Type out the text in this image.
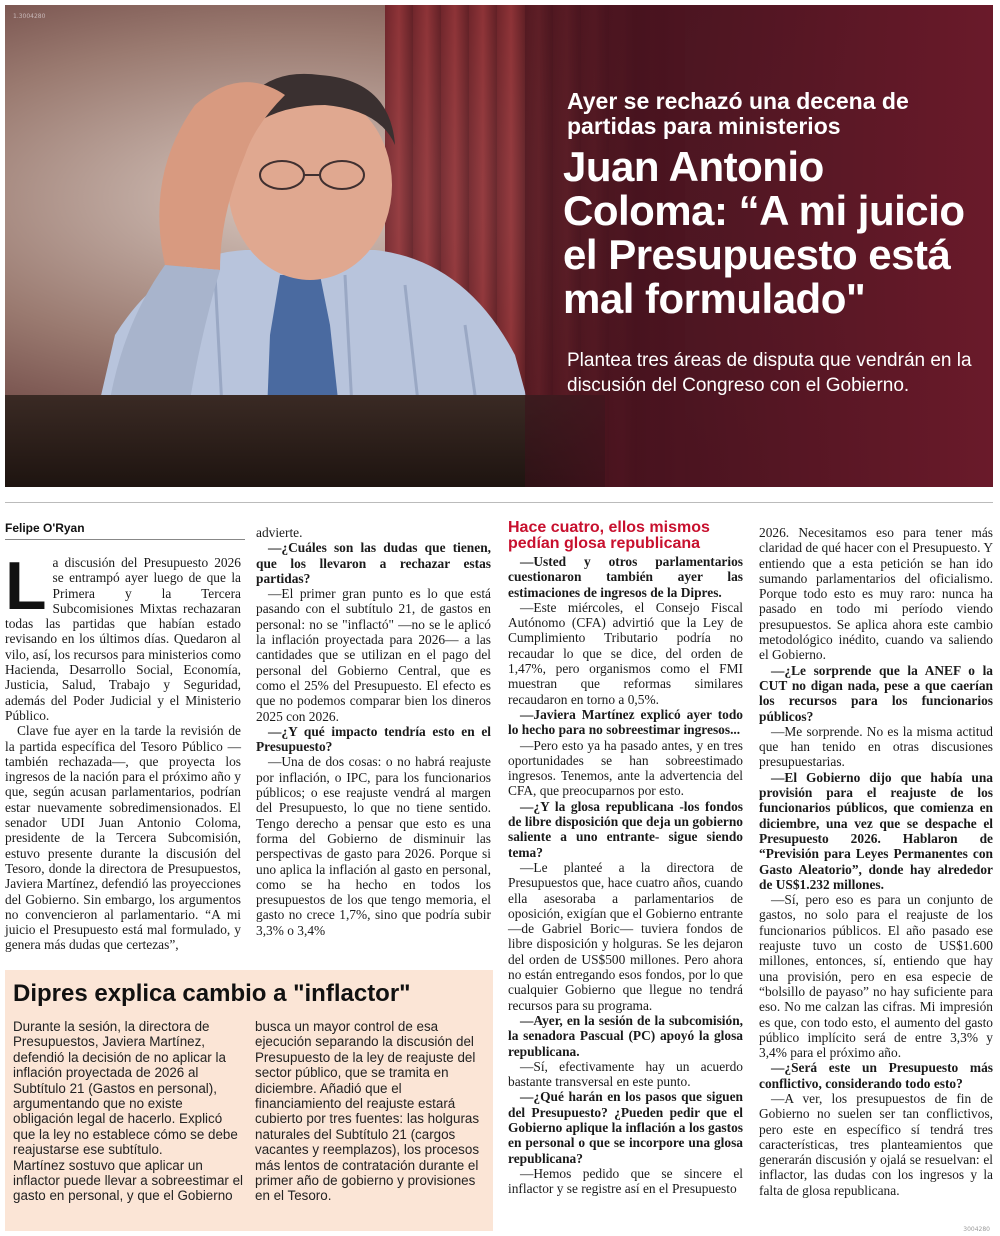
1.3004280
Ayer se rechazó una decena de partidas para ministerios
Juan Antonio Coloma: “A mi juicio el Presupuesto está mal formulado"

Plantea tres áreas de disputa que vendrán en la discusión del Congreso con el Gobierno.

Felipe O'Ryan
L a discusión del Presupuesto 2026 se entrampó ayer luego de que la Primera y la Tercera Subcomisiones Mixtas rechazaran todas las partidas que habían estado revisando en los últimos días. Quedaron al vilo, así, los recursos para ministerios como Hacienda, Desarrollo Social, Economía, Justicia, Salud, Trabajo y Seguridad, además del Poder Judicial y el Ministerio Público.

Clave fue ayer en la tarde la revisión de la partida específica del Tesoro Público —también rechazada—, que proyecta los ingresos de la nación para el próximo año y que, según acusan parlamentarios, podrían estar nuevamente sobredimensionados. El senador UDI Juan Antonio Coloma, presidente de la Tercera Subcomisión, estuvo presente durante la discusión del Tesoro, donde la directora de Presupuestos, Javiera Martínez, defendió las proyecciones del Gobierno. Sin embargo, los argumentos no convencieron al parlamentario. “A mi juicio el Presupuesto está mal formulado, y genera más dudas que certezas”,

advierte.

—¿Cuáles son las dudas que tienen, que los llevaron a rechazar estas partidas?

—El primer gran punto es lo que está pasando con el subtítulo 21, de gastos en personal: no se "inflactó" —no se le aplicó la inflación proyectada para 2026— a las cantidades que se utilizan en el pago del personal del Gobierno Central, que es como el 25% del Presupuesto. El efecto es que no podemos comparar bien los dineros 2025 con 2026.

—¿Y qué impacto tendría esto en el Presupuesto?

—Una de dos cosas: o no habrá reajuste por inflación, o IPC, para los funcionarios públicos; o ese reajuste vendrá al margen del Presupuesto, lo que no tiene sentido. Tengo derecho a pensar que esto es una forma del Gobierno de disminuir las perspectivas de gasto para 2026. Porque si uno aplica la inflación al gasto en personal, como se ha hecho en todos los presupuestos de los que tengo memoria, el gasto no crece 1,7%, sino que podría subir 3,3% o 3,4%

Hace cuatro, ellos mismos pedían glosa republicana

—Usted y otros parlamentarios cuestionaron también ayer las estimaciones de ingresos de la Dipres.

—Este miércoles, el Consejo Fiscal Autónomo (CFA) advirtió que la Ley de Cumplimiento Tributario podría no recaudar lo que se dice, del orden de 1,47%, pero organismos como el FMI muestran que reformas similares recaudaron en torno a 0,5%.

—Javiera Martínez explicó ayer todo lo hecho para no sobreestimar ingresos...

—Pero esto ya ha pasado antes, y en tres oportunidades se han sobreestimado ingresos. Tenemos, ante la advertencia del CFA, que preocuparnos por esto.

—¿Y la glosa republicana -los fondos de libre disposición que deja un gobierno saliente a uno entrante- sigue siendo tema?

—Le planteé a la directora de Presupuestos que, hace cuatro años, cuando ella asesoraba a parlamentarios de oposición, exigían que el Gobierno entrante —de Gabriel Boric— tuviera fondos de libre disposición y holguras. Se les dejaron del orden de US$500 millones. Pero ahora no están entregando esos fondos, por lo que cualquier Gobierno que llegue no tendrá recursos para su programa.

—Ayer, en la sesión de la subcomisión, la senadora Pascual (PC) apoyó la glosa republicana.

—Sí, efectivamente hay un acuerdo bastante transversal en este punto.

—¿Qué harán en los pasos que siguen del Presupuesto? ¿Pueden pedir que el Gobierno aplique la inflación a los gastos en personal o que se incorpore una glosa republicana?

—Hemos pedido que se sincere el inflactor y se registre así en el Presupuesto

2026. Necesitamos eso para tener más claridad de qué hacer con el Presupuesto. Y entiendo que a esta petición se han ido sumando parlamentarios del oficialismo. Porque todo esto es muy raro: nunca ha pasado en todo mi período viendo presupuestos. Se aplica ahora este cambio metodológico inédito, cuando va saliendo el Gobierno.

—¿Le sorprende que la ANEF o la CUT no digan nada, pese a que caerían los recursos para los funcionarios públicos?

—Me sorprende. No es la misma actitud que han tenido en otras discusiones presupuestarias.

—El Gobierno dijo que había una provisión para el reajuste de los funcionarios públicos, que comienza en diciembre, una vez que se despache el Presupuesto 2026. Hablaron de “Previsión para Leyes Permanentes con Gasto Aleatorio”, donde hay alrededor de US$1.232 millones.

—Sí, pero eso es para un conjunto de gastos, no solo para el reajuste de los funcionarios públicos. El año pasado ese reajuste tuvo un costo de US$1.600 millones, entonces, sí, entiendo que hay una provisión, pero en esa especie de “bolsillo de payaso” no hay suficiente para eso. No me calzan las cifras. Mi impresión es que, con todo esto, el aumento del gasto público implícito será de entre 3,3% y 3,4% para el próximo año.

—¿Será este un Presupuesto más conflictivo, considerando todo esto?

—A ver, los presupuestos de fin de Gobierno no suelen ser tan conflictivos, pero este en específico sí tendrá tres características, tres planteamientos que generarán discusión y ojalá se resuelvan: el inflactor, las dudas con los ingresos y la falta de glosa republicana.

Dipres explica cambio a "inflactor"

Durante la sesión, la directora de Presupuestos, Javiera Martínez, defendió la decisión de no aplicar la inflación proyectada de 2026 al Subtítulo 21 (Gastos en personal), argumentando que no existe obligación legal de hacerlo. Explicó que la ley no establece cómo se debe reajustarse ese subtítulo.

Martínez sostuvo que aplicar un inflactor puede llevar a sobreestimar el gasto en personal, y que el Gobierno

busca un mayor control de esa ejecución separando la discusión del Presupuesto de la ley de reajuste del sector público, que se tramita en diciembre. Añadió que el financiamiento del reajuste estará cubierto por tres fuentes: las holguras naturales del Subtítulo 21 (cargos vacantes y reemplazos), los procesos más lentos de contratación durante el primer año de gobierno y provisiones en el Tesoro.

3004280
